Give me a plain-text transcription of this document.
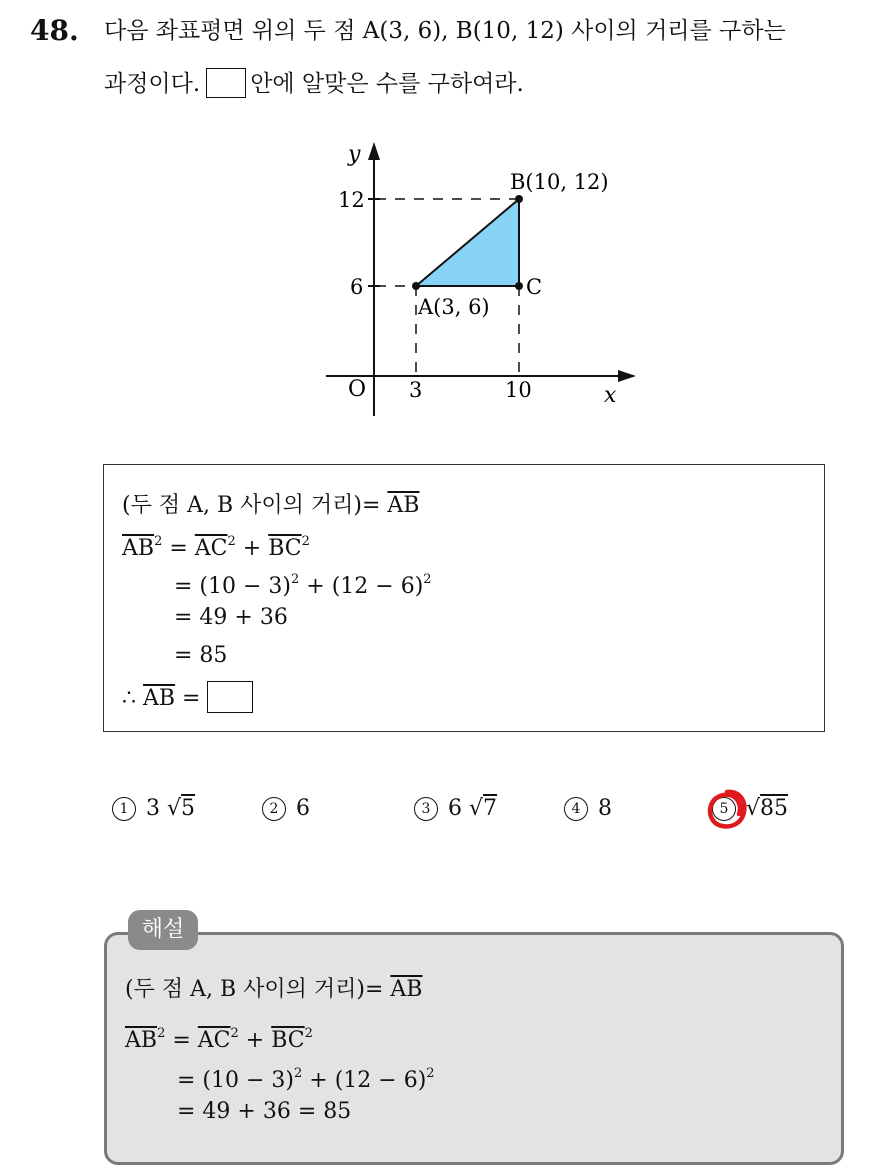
48. 다음 좌표평면 위의 두 점 A(3, 6), B(10, 12) 사이의 거리를 구하는
과정이다. 안에 알맞은 수를 구하여라.
y
x
O
12
6
3	10
A(3, 6)
B(10, 12)
C
(두 점 A, B 사이의 거리)= $\overline{AB}$
$\overline{AB}^2 = \overline{AC}^2 + \overline{BC}^2$
= $(10 - 3)^2 + (12 - 6)^2$
= 49 + 36
= 85
∴ $\overline{AB}$ =
1 3 √5	2 6	3 6 √7	4 8	5 √85
해설
(두 점 A, B 사이의 거리)= $\overline{AB}$
$\overline{AB}^2 = \overline{AC}^2 + \overline{BC}^2$
= $(10 - 3)^2 + (12 - 6)^2$
= 49 + 36 = 85
